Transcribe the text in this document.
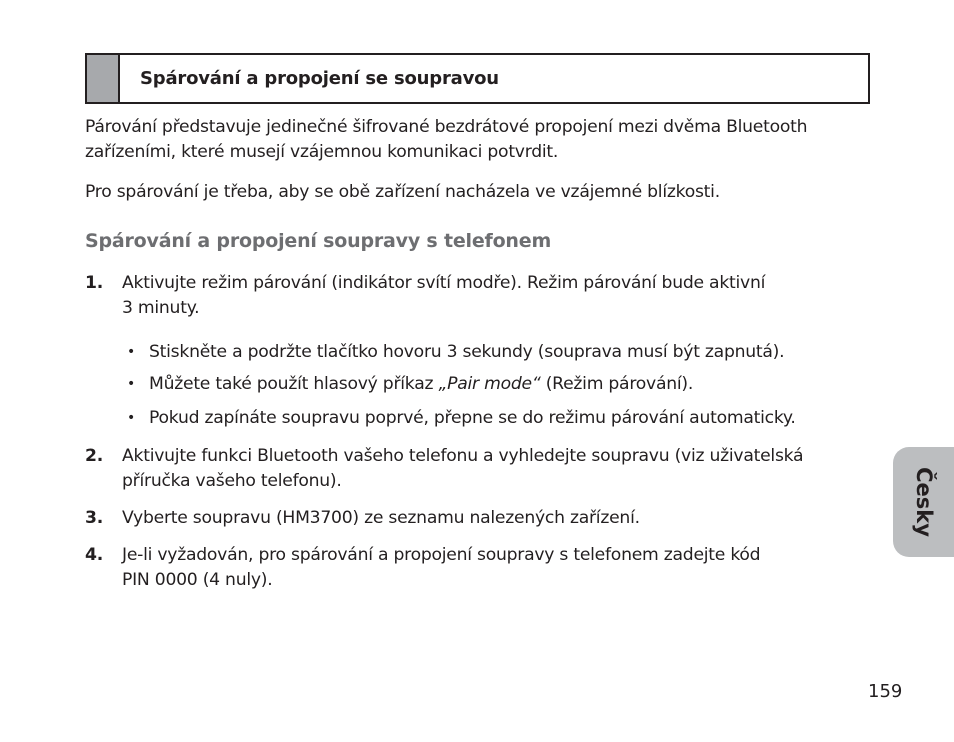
Spárování a propojení se soupravou

Párování představuje jedinečné šifrované bezdrátové propojení mezi dvěma Bluetooth zařízeními, které musejí vzájemnou komunikaci potvrdit.

Pro spárování je třeba, aby se obě zařízení nacházela ve vzájemné blízkosti.

Spárování a propojení soupravy s telefonem
1. Aktivujte režim párování (indikátor svítí modře). Režim párování bude aktivní
3 minuty.
• Stiskněte a podržte tlačítko hovoru 3 sekundy (souprava musí být zapnutá).
• Můžete také použít hlasový příkaz „Pair mode“ (Režim párování).
• Pokud zapínáte soupravu poprvé, přepne se do režimu párování automaticky.
2. Aktivujte funkci Bluetooth vašeho telefonu a vyhledejte soupravu (viz uživatelská
příručka vašeho telefonu).
3. Vyberte soupravu (HM3700) ze seznamu nalezených zařízení.
4. Je-li vyžadován, pro spárování a propojení soupravy s telefonem zadejte kód
PIN 0000 (4 nuly).
Česky
159
